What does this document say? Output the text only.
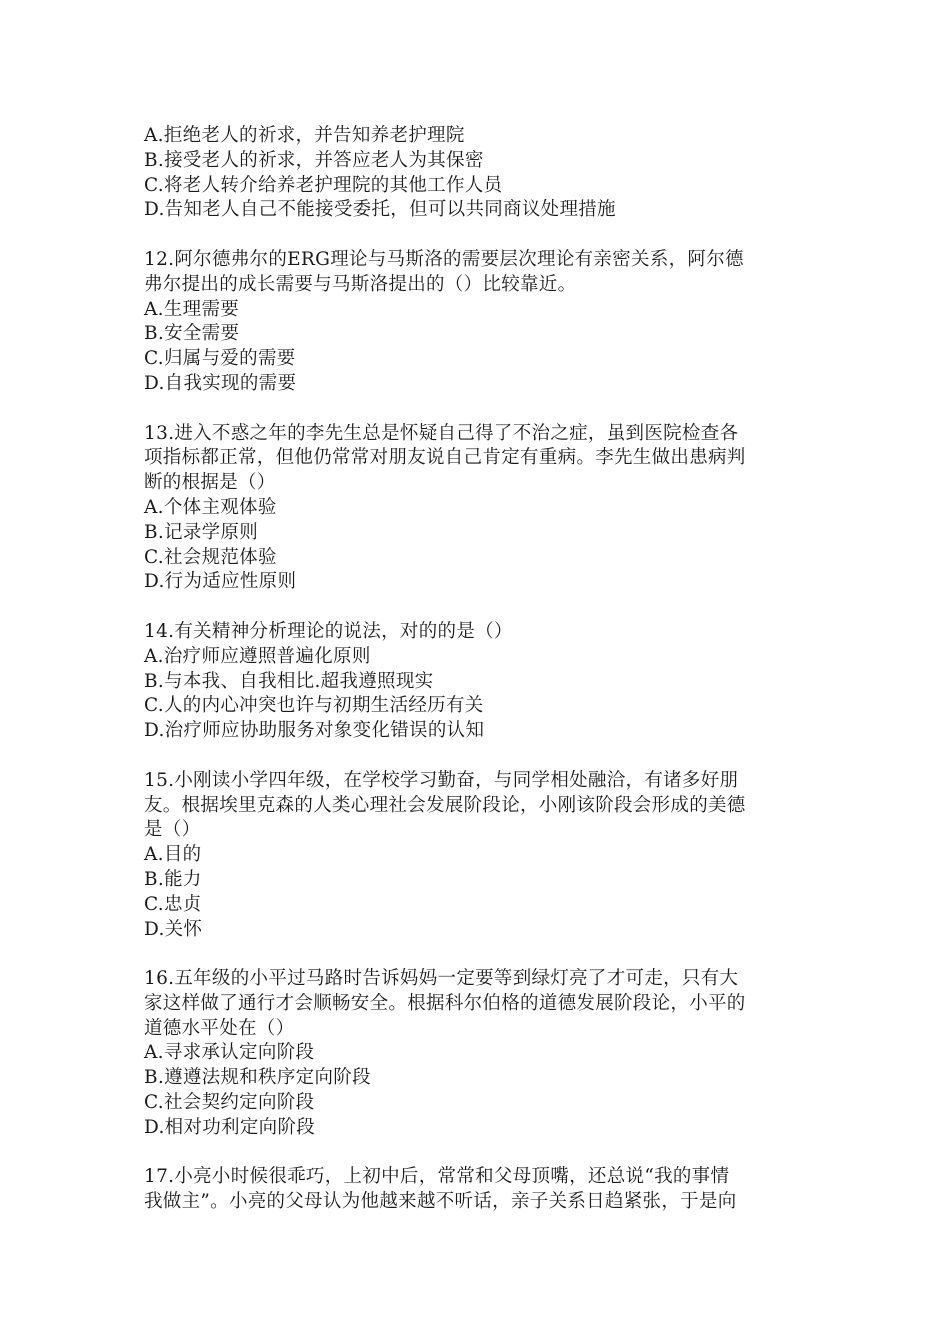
A.拒绝老人的祈求，并告知养老护理院

B.接受老人的祈求，并答应老人为其保密

C.将老人转介给养老护理院的其他工作人员

D.告知老人自己不能接受委托，但可以共同商议处理措施

12.阿尔德弗尔的ERG理论与马斯洛的需要层次理论有亲密关系，阿尔德

弗尔提出的成长需要与马斯洛提出的（）比较靠近。

A.生理需要

B.安全需要

C.归属与爱的需要

D.自我实现的需要

13.进入不惑之年的李先生总是怀疑自己得了不治之症，虽到医院检查各

项指标都正常，但他仍常常对朋友说自己肯定有重病。李先生做出患病判

断的根据是（）

A.个体主观体验

B.记录学原则

C.社会规范体验

D.行为适应性原则

14.有关精神分析理论的说法，对的的是（）

A.治疗师应遵照普遍化原则

B.与本我、自我相比.超我遵照现实

C.人的内心冲突也许与初期生活经历有关

D.治疗师应协助服务对象变化错误的认知

15.小刚读小学四年级，在学校学习勤奋，与同学相处融洽，有诸多好朋

友。根据埃里克森的人类心理社会发展阶段论，小刚该阶段会形成的美德

是（）

A.目的

B.能力

C.忠贞

D.关怀

16.五年级的小平过马路时告诉妈妈一定要等到绿灯亮了才可走，只有大

家这样做了通行才会顺畅安全。根据科尔伯格的道德发展阶段论，小平的

道德水平处在（）

A.寻求承认定向阶段

B.遵遵法规和秩序定向阶段

C.社会契约定向阶段

D.相对功利定向阶段

17.小亮小时候很乖巧，上初中后，常常和父母顶嘴，还总说“我的事情

我做主”。小亮的父母认为他越来越不听话，亲子关系日趋紧张，于是向
